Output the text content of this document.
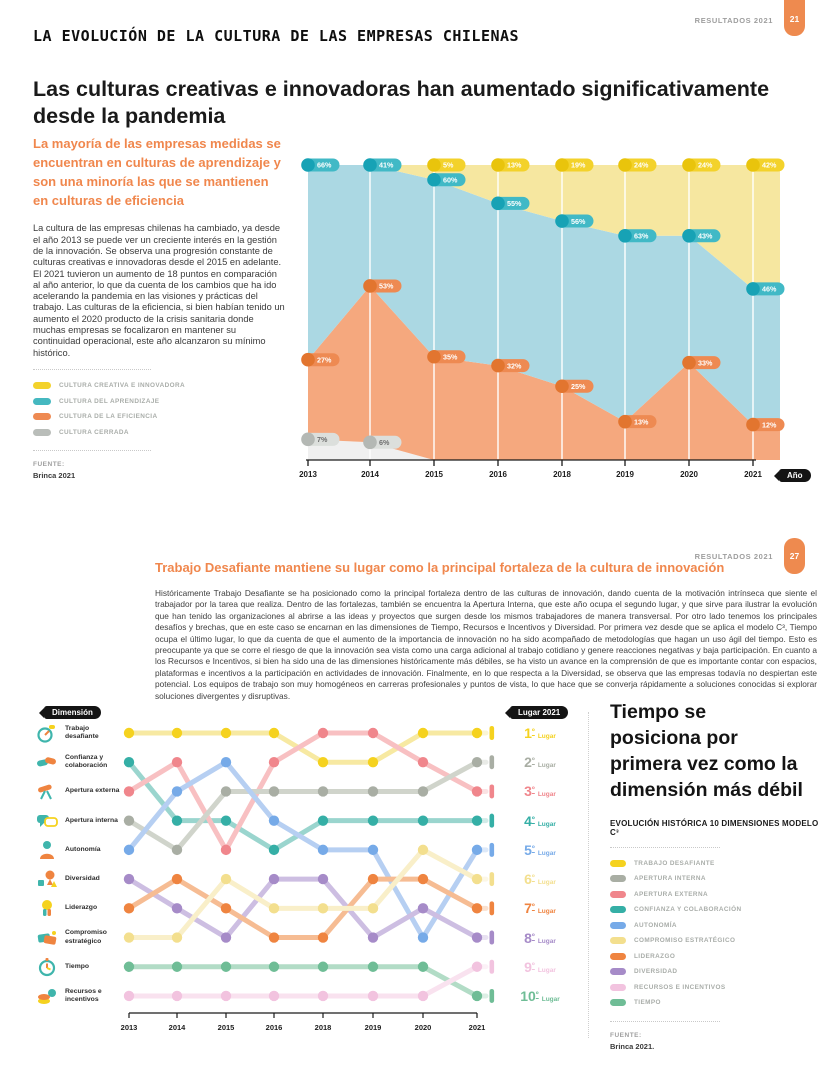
RESULTADOS 2021	21
LA EVOLUCIÓN DE LA CULTURA DE LAS EMPRESAS CHILENAS
Las culturas creativas e innovadoras han aumentado significativamente desde la pandemia
La mayoría de las empresas medidas se encuentran en culturas de aprendizaje y son una minoría las que se mantienen en culturas de eficiencia
La cultura de las empresas chilenas ha cambiado, ya desde el año 2013 se puede ver un creciente interés en la gestión de la innovación. Se observa una progresión constante de culturas creativas e innovadoras desde el 2015 en adelante. El 2021 tuvieron un aumento de 18 puntos en comparación al año anterior, lo que da cuenta de los cambios que ha ido acelerando la pandemia en las visiones y prácticas del trabajo. Las culturas de la eficiencia, si bien habían tenido un aumento el 2020 producto de la crisis sanitaria donde muchas empresas se focalizaron en mantener su continuidad operacional, este año alcanzaron su mínimo histórico.
CULTURA CREATIVA E INNOVADORA
CULTURA DEL APRENDIZAJE
CULTURA DE LA EFICIENCIA
CULTURA CERRADA
FUENTE:
Brinca 2021	2013	2014	2015	2016	2018	2019	2020	2021
7%	6%
27%
53%
35%
32%
25%
13%
33%
12%
66%	41%
60%
55%
56%
63%	43%
46%
5%	13%	19%	24%	24%	42%
Año
RESULTADOS 2021	27
Trabajo Desafiante mantiene su lugar como la principal fortaleza de la cultura de innovación
Históricamente Trabajo Desafiante se ha posicionado como la principal fortaleza dentro de las culturas de innovación, dando cuenta de la motivación intrínseca que siente el trabajador por la tarea que realiza. Dentro de las fortalezas, también se encuentra la Apertura Interna, que este año ocupa el segundo lugar, y que sirve para ilustrar la evolución que han tenido las organizaciones al abrirse a las ideas y proyectos que surgen desde los mismos trabajadores de manera transversal. Por otro lado tenemos los principales desafíos y brechas, que en este caso se encarnan en las dimensiones de Tiempo, Recursos e Incentivos y Diversidad. Por primera vez desde que se aplica el modelo C³, Tiempo ocupa el último lugar, lo que da cuenta de que el aumento de la importancia de innovación no ha sido acompañado de metodologías que hagan un uso ágil del tiempo. Esto es preocupante ya que se corre el riesgo de que la innovación sea vista como una carga adicional al trabajo cotidiano y genere reacciones negativas y baja participación. En cuanto a los Recursos e Incentivos, si bien ha sido una de las dimensiones históricamente más débiles, se ha visto un avance en la comprensión de que es importante contar con espacios, plataformas e incentivos a la participación en actividades de innovación. Finalmente, en lo que respecta a la Diversidad, se observa que las empresas todavía no despiertan este potencial. Los equipos de trabajo son muy homogéneos en carreras profesionales y puntos de vista, lo que hace que se converja rápidamente a soluciones conocidas si explorar soluciones divergentes y disruptivas.
Dimensión
Trabajo desafiante
Confianza y colaboración
Apertura externa
Apertura interna
Autonomía
Diversidad
Liderazgo
Compromiso estratégico
Tiempo
Recursos e incentivos
2013	2014	2015	2016	2018	2019	2020	2021
Lugar 2021
$1^ºLugar$
$2^ºLugar$
$3^ºLugar$
$4^ºLugar$
$5^ºLugar$
$6^ºLugar$
$7^ºLugar$
$8^ºLugar$
$9^ºLugar$
$10^ºLugar$
Tiempo se
posiciona por
primera vez como la
dimensión más débil
EVOLUCIÓN HISTÓRICA 10 DIMENSIONES MODELO C³
TRABAJO DESAFIANTE
APERTURA INTERNA
APERTURA EXTERNA
CONFIANZA Y COLABORACIÓN
AUTONOMÍA
COMPROMISO ESTRATÉGICO
LIDERAZGO
DIVERSIDAD
RECURSOS E INCENTIVOS
TIEMPO
FUENTE:
Brinca 2021.
